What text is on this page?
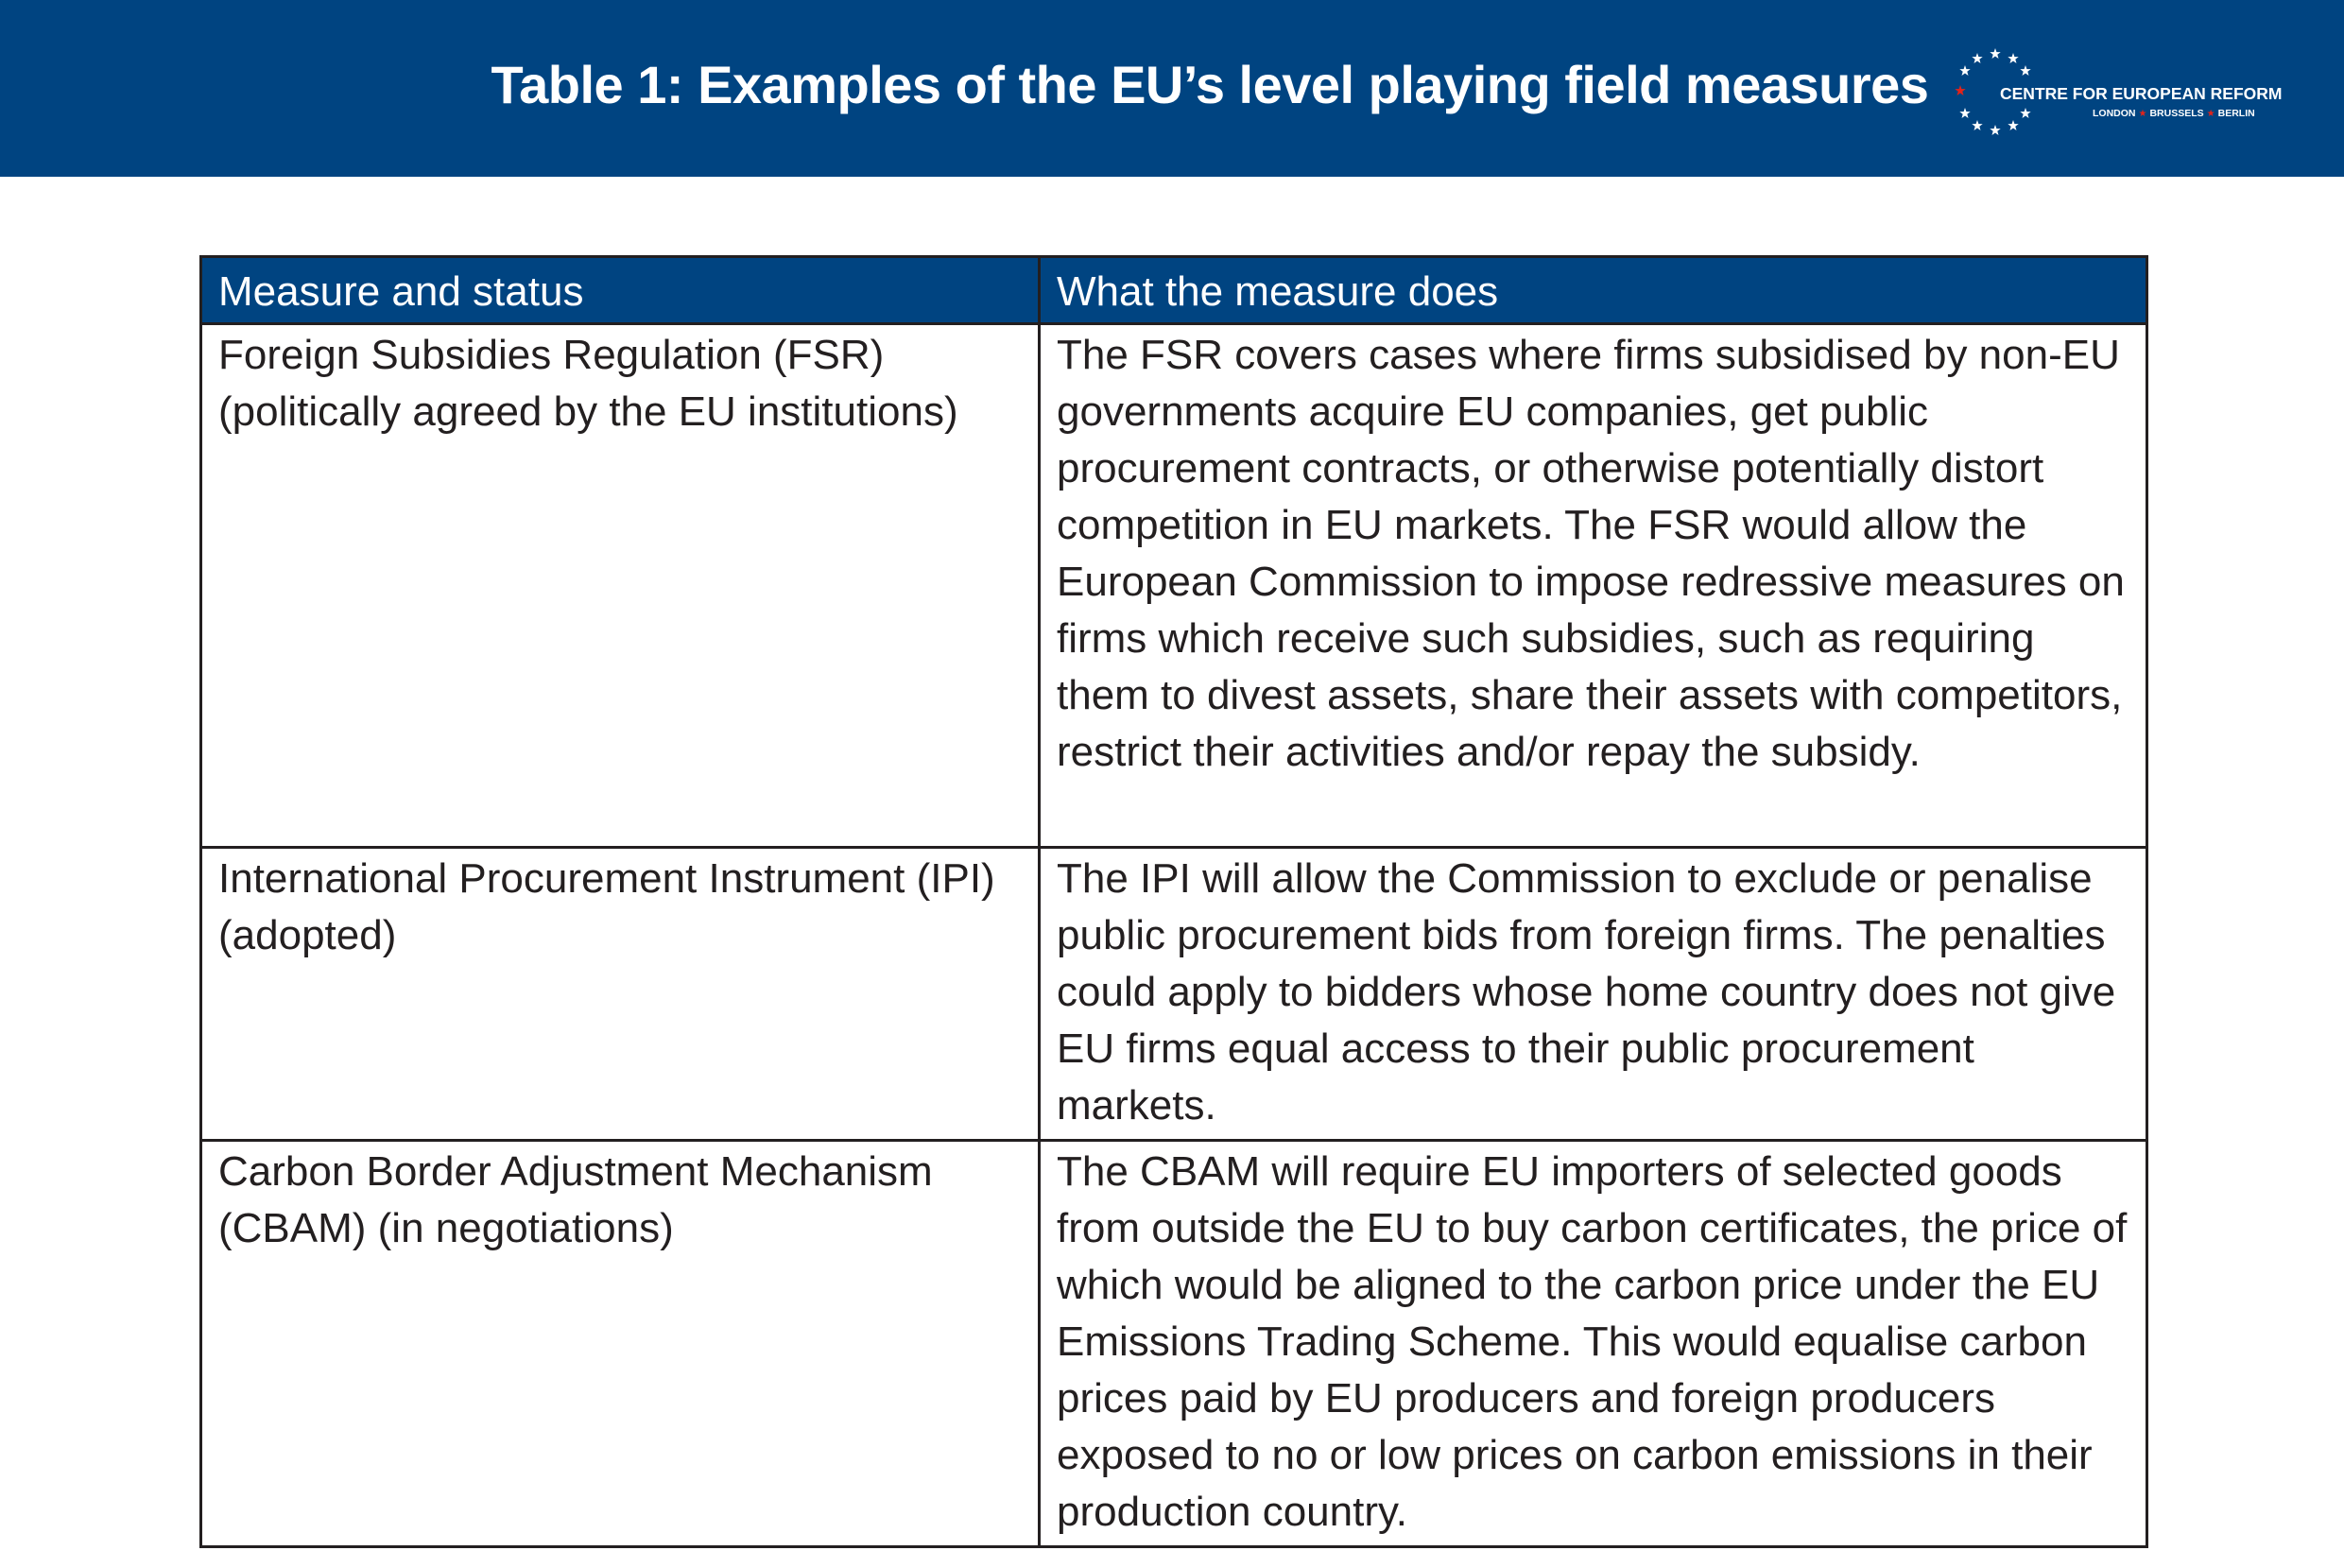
Table 1: Examples of the EU’s level playing field measures	CENTRE FOR EUROPEAN REFORM
LONDON ★ BRUSSELS ★ BERLIN
Measure and status	What the measure does
Foreign Subsidies Regulation (FSR) (politically agreed by the EU institutions)	The FSR covers cases where firms subsidised by non-EU governments acquire EU companies, get public procurement contracts, or otherwise potentially distort competition in EU markets. The FSR would allow the European Commission to impose redressive measures on firms which receive such subsidies, such as requiring them to divest assets, share their assets with competitors, restrict their activities and/or repay the subsidy.
International Procurement Instrument (IPI) (adopted)	The IPI will allow the Commission to exclude or penalise public procurement bids from foreign firms. The penalties could apply to bidders whose home country does not give EU firms equal access to their public procurement markets.
Carbon Border Adjustment Mechanism (CBAM) (in negotiations)	The CBAM will require EU importers of selected goods from outside the EU to buy carbon certificates, the price of which would be aligned to the carbon price under the EU Emissions Trading Scheme. This would equalise carbon prices paid by EU producers and foreign producers exposed to no or low prices on carbon emissions in their production country.
